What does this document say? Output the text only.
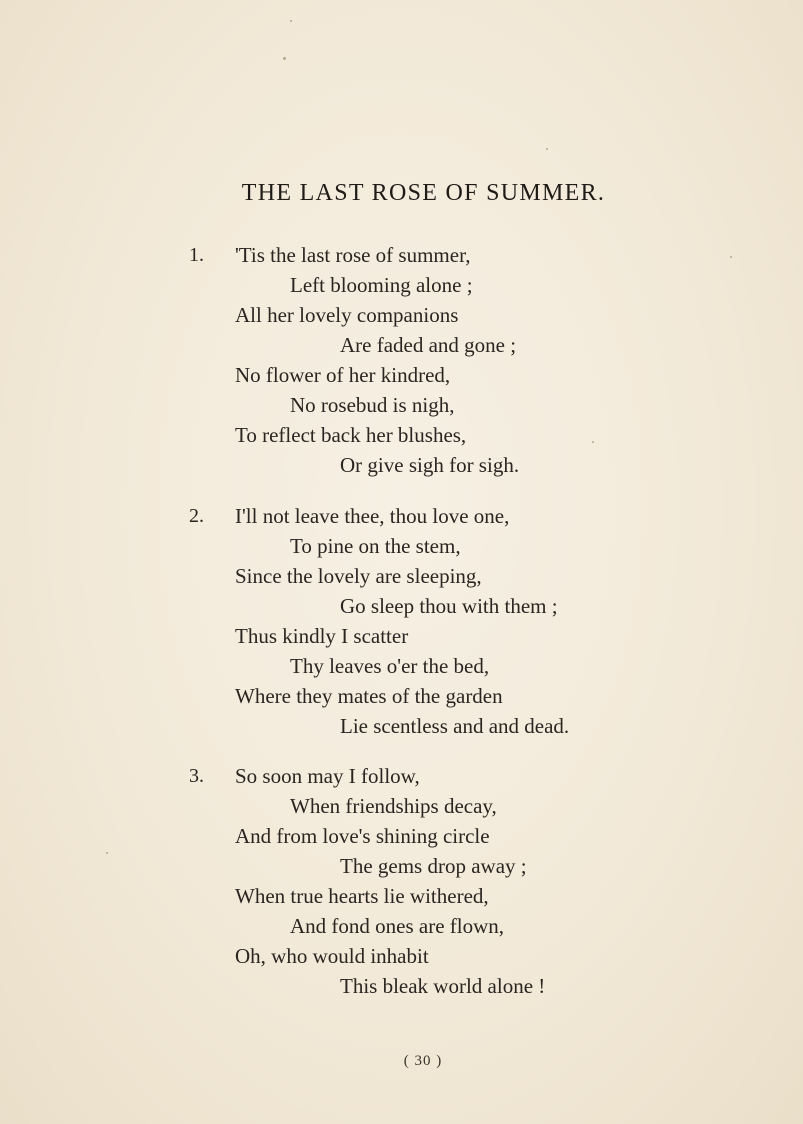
THE LAST ROSE OF SUMMER.
1.	'Tis the last rose of summer,
Left blooming alone ;
All her lovely companions
Are faded and gone ;
No flower of her kindred,
No rosebud is nigh,
To reflect back her blushes,
Or give sigh for sigh.
2.	I'll not leave thee, thou love one,
To pine on the stem,
Since the lovely are sleeping,
Go sleep thou with them ;
Thus kindly I scatter
Thy leaves o'er the bed,
Where they mates of the garden
Lie scentless and and dead.
3.	So soon may I follow,
When friendships decay,
And from love's shining circle
The gems drop away ;
When true hearts lie withered,
And fond ones are flown,
Oh, who would inhabit
This bleak world alone !
( 30 )
